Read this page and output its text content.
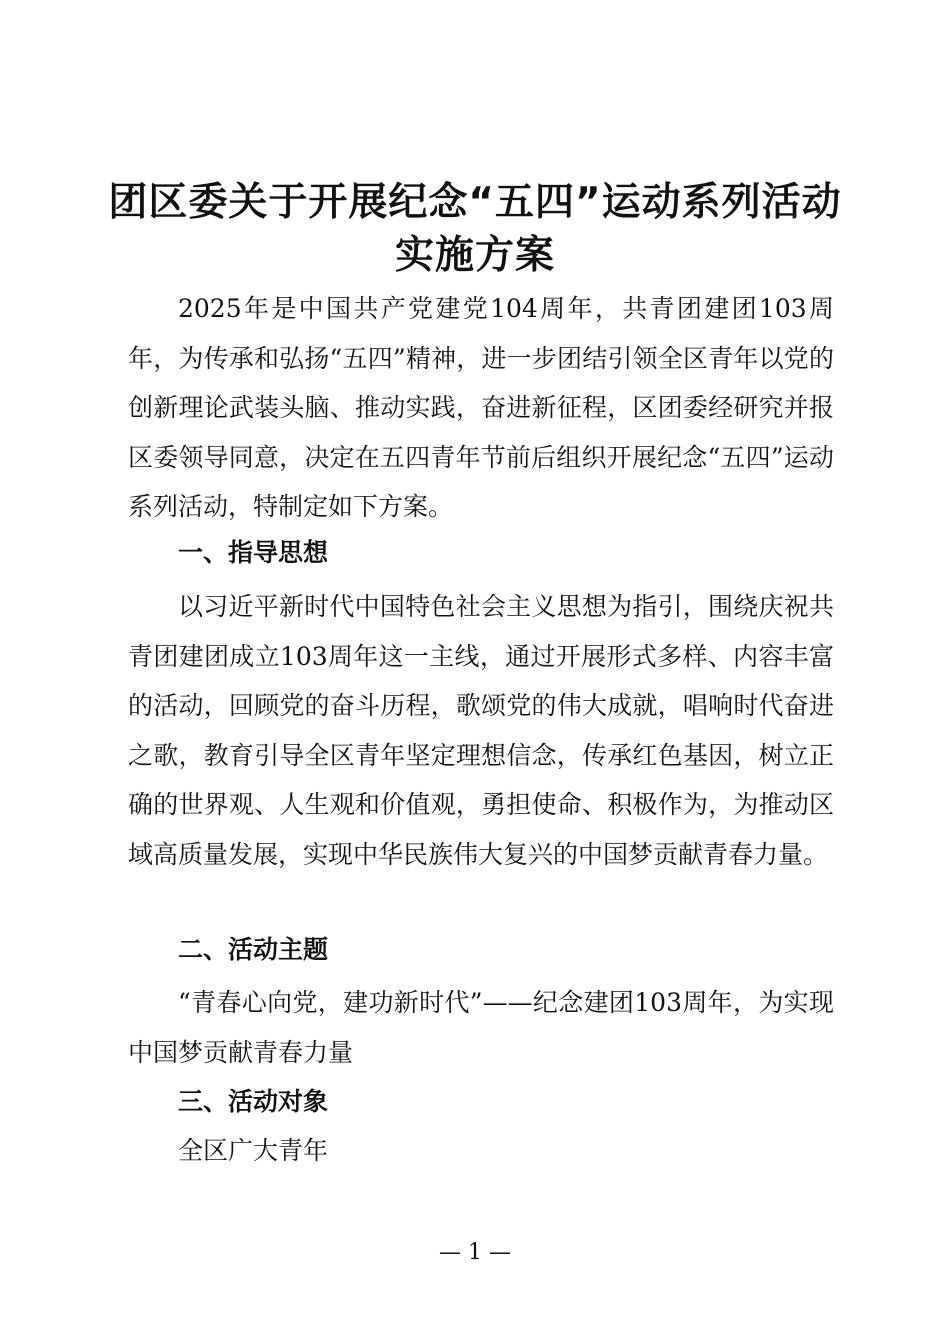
团区委关于开展纪念“五四”运动系列活动实施方案

2025年是中国共产党建党104周年，共青团建团103周年，为传承和弘扬“五四”精神，进一步团结引领全区青年以党的创新理论武装头脑、推动实践，奋进新征程，区团委经研究并报区委领导同意，决定在五四青年节前后组织开展纪念“五四”运动系列活动，特制定如下方案。

一、指导思想

以习近平新时代中国特色社会主义思想为指引，围绕庆祝共青团建团成立103周年这一主线，通过开展形式多样、内容丰富的活动，回顾党的奋斗历程，歌颂党的伟大成就，唱响时代奋进之歌，教育引导全区青年坚定理想信念，传承红色基因，树立正确的世界观、人生观和价值观，勇担使命、积极作为，为推动区域高质量发展，实现中华民族伟大复兴的中国梦贡献青春力量。

二、活动主题

“青春心向党，建功新时代”——纪念建团103周年，为实现中国梦贡献青春力量

三、活动对象

全区广大青年

— 1 —
